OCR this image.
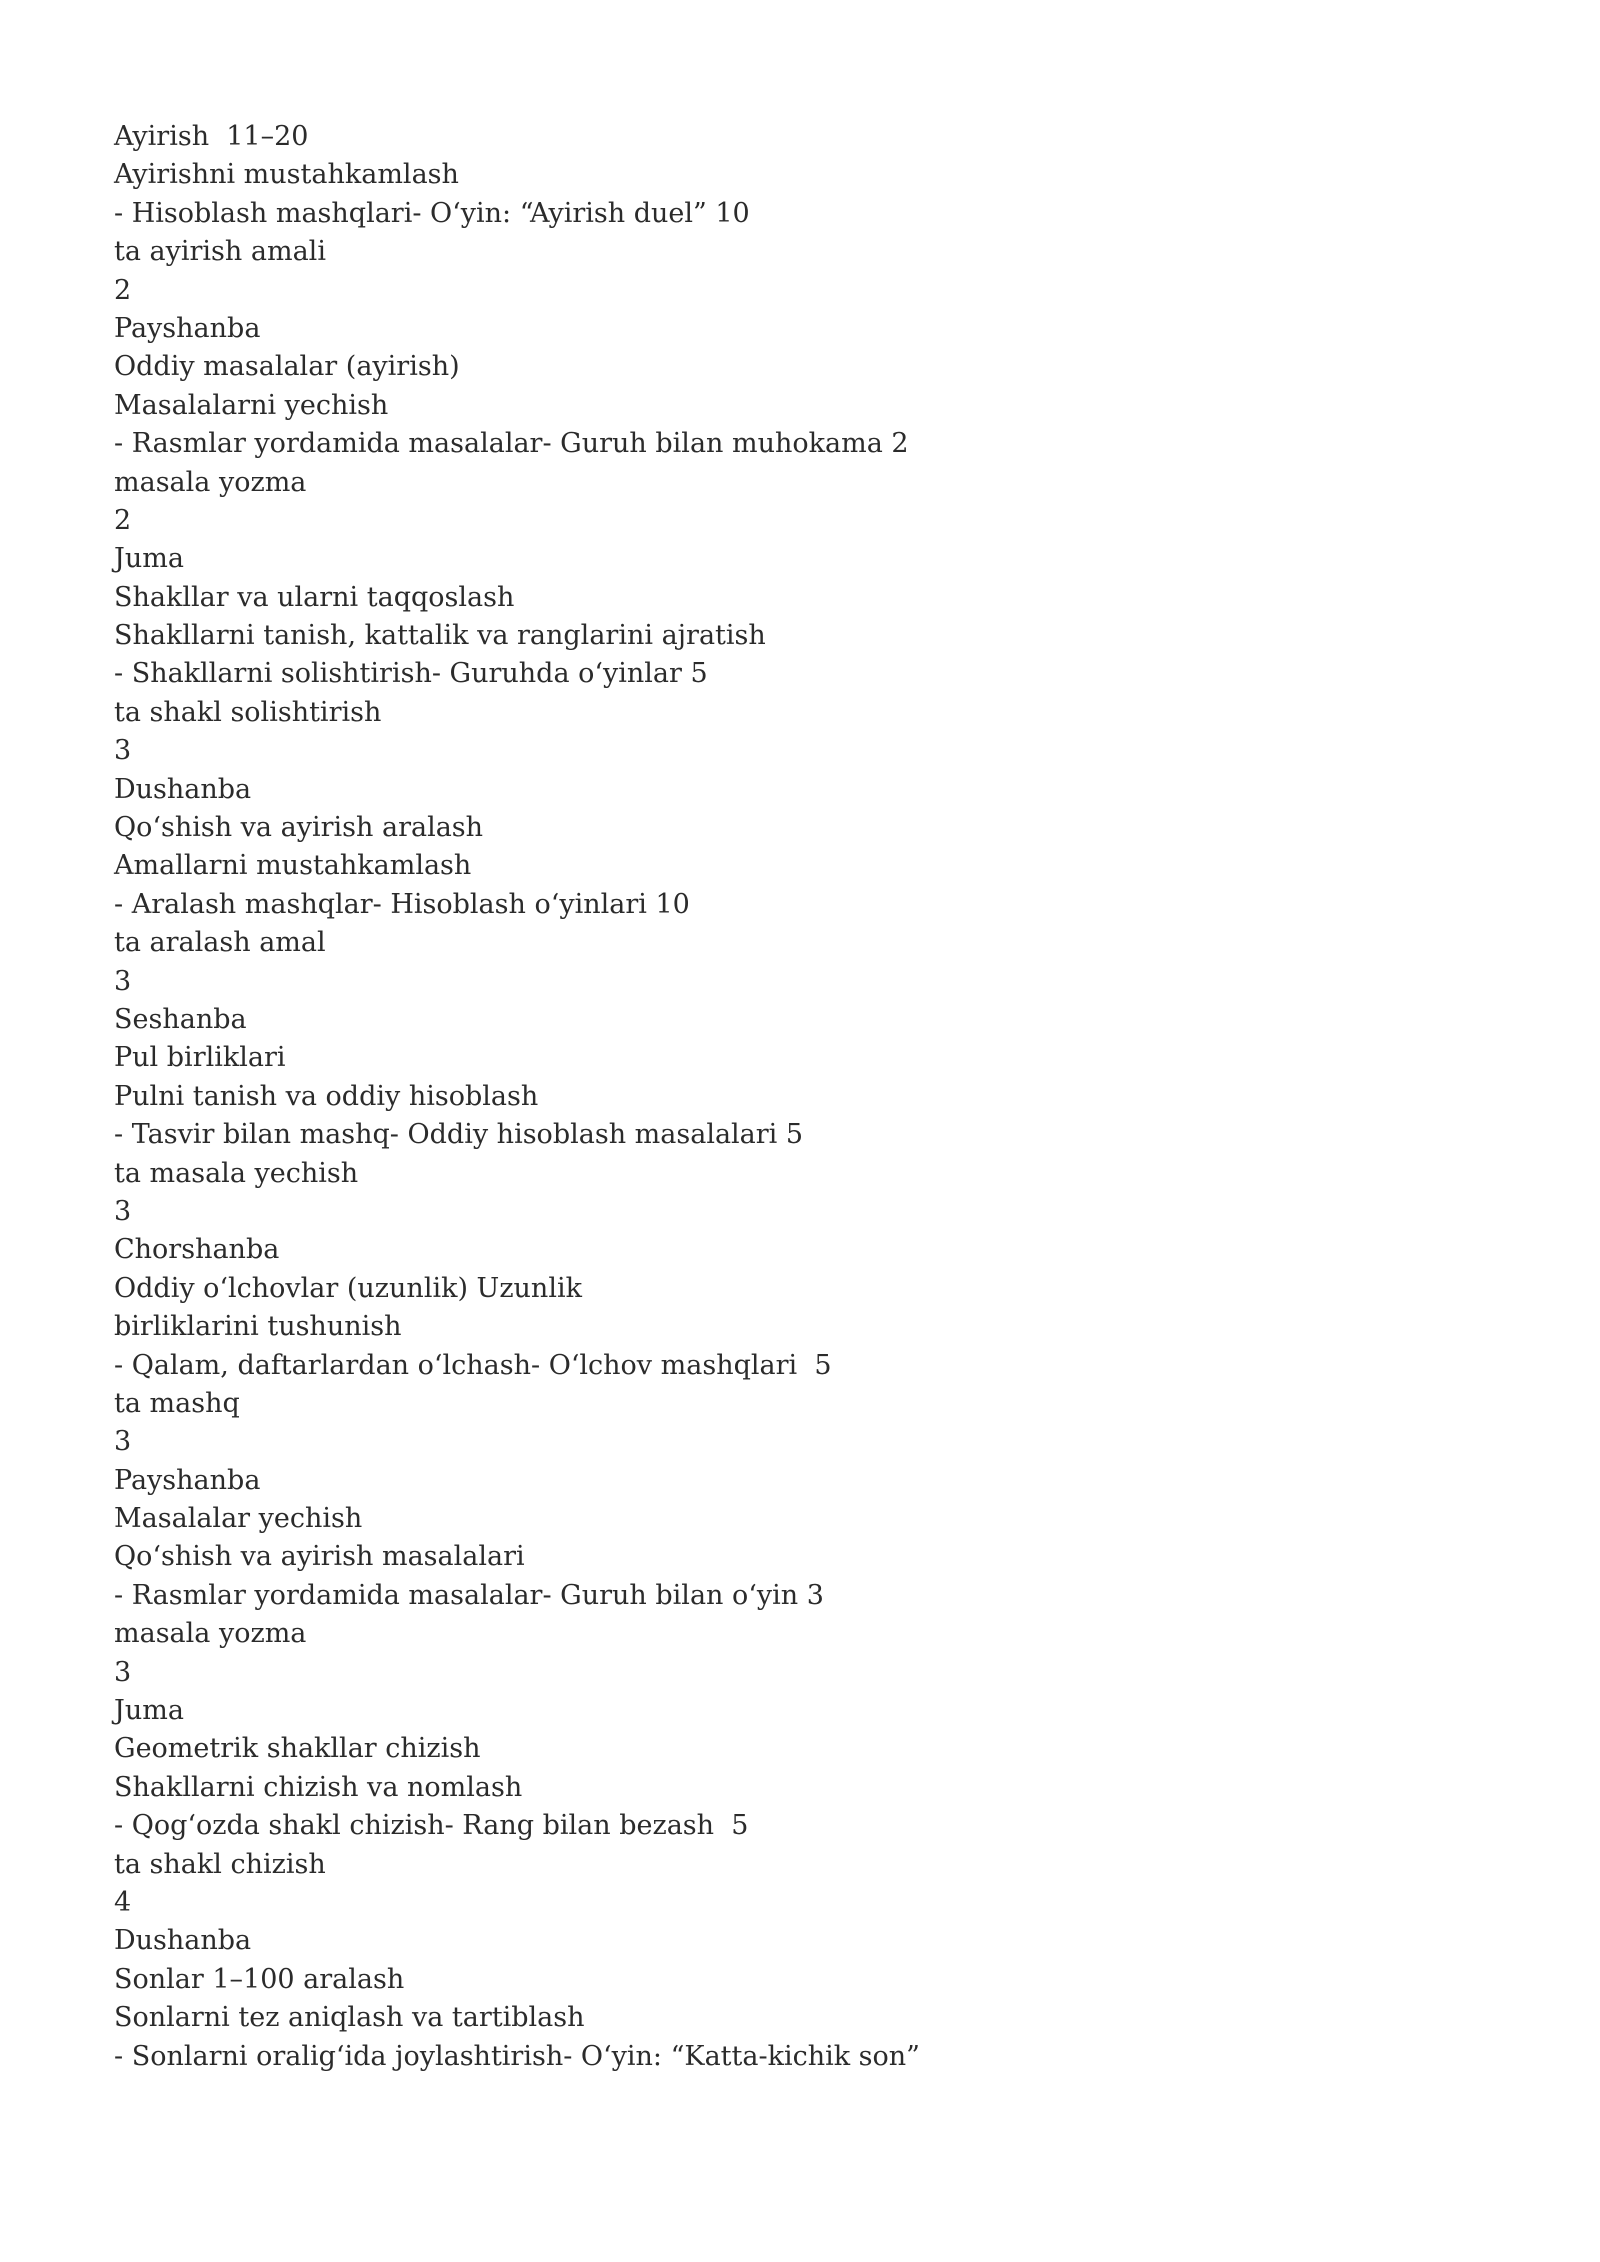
Ayirish  11–20
Ayirishni mustahkamlash
- Hisoblash mashqlari- O‘yin: “Ayirish duel” 10
ta ayirish amali
2
Payshanba
Oddiy masalalar (ayirish)
Masalalarni yechish
- Rasmlar yordamida masalalar- Guruh bilan muhokama 2
masala yozma
2
Juma
Shakllar va ularni taqqoslash
Shakllarni tanish, kattalik va ranglarini ajratish
- Shakllarni solishtirish- Guruhda o‘yinlar 5
ta shakl solishtirish
3
Dushanba
Qo‘shish va ayirish aralash
Amallarni mustahkamlash
- Aralash mashqlar- Hisoblash o‘yinlari 10
ta aralash amal
3
Seshanba
Pul birliklari
Pulni tanish va oddiy hisoblash
- Tasvir bilan mashq- Oddiy hisoblash masalalari 5
ta masala yechish
3
Chorshanba
Oddiy o‘lchovlar (uzunlik) Uzunlik
birliklarini tushunish
- Qalam, daftarlardan o‘lchash- O‘lchov mashqlari  5
ta mashq
3
Payshanba
Masalalar yechish
Qo‘shish va ayirish masalalari
- Rasmlar yordamida masalalar- Guruh bilan o‘yin 3
masala yozma
3
Juma
Geometrik shakllar chizish
Shakllarni chizish va nomlash
- Qog‘ozda shakl chizish- Rang bilan bezash  5
ta shakl chizish
4
Dushanba
Sonlar 1–100 aralash
Sonlarni tez aniqlash va tartiblash
- Sonlarni oralig‘ida joylashtirish- O‘yin: “Katta-kichik son”
